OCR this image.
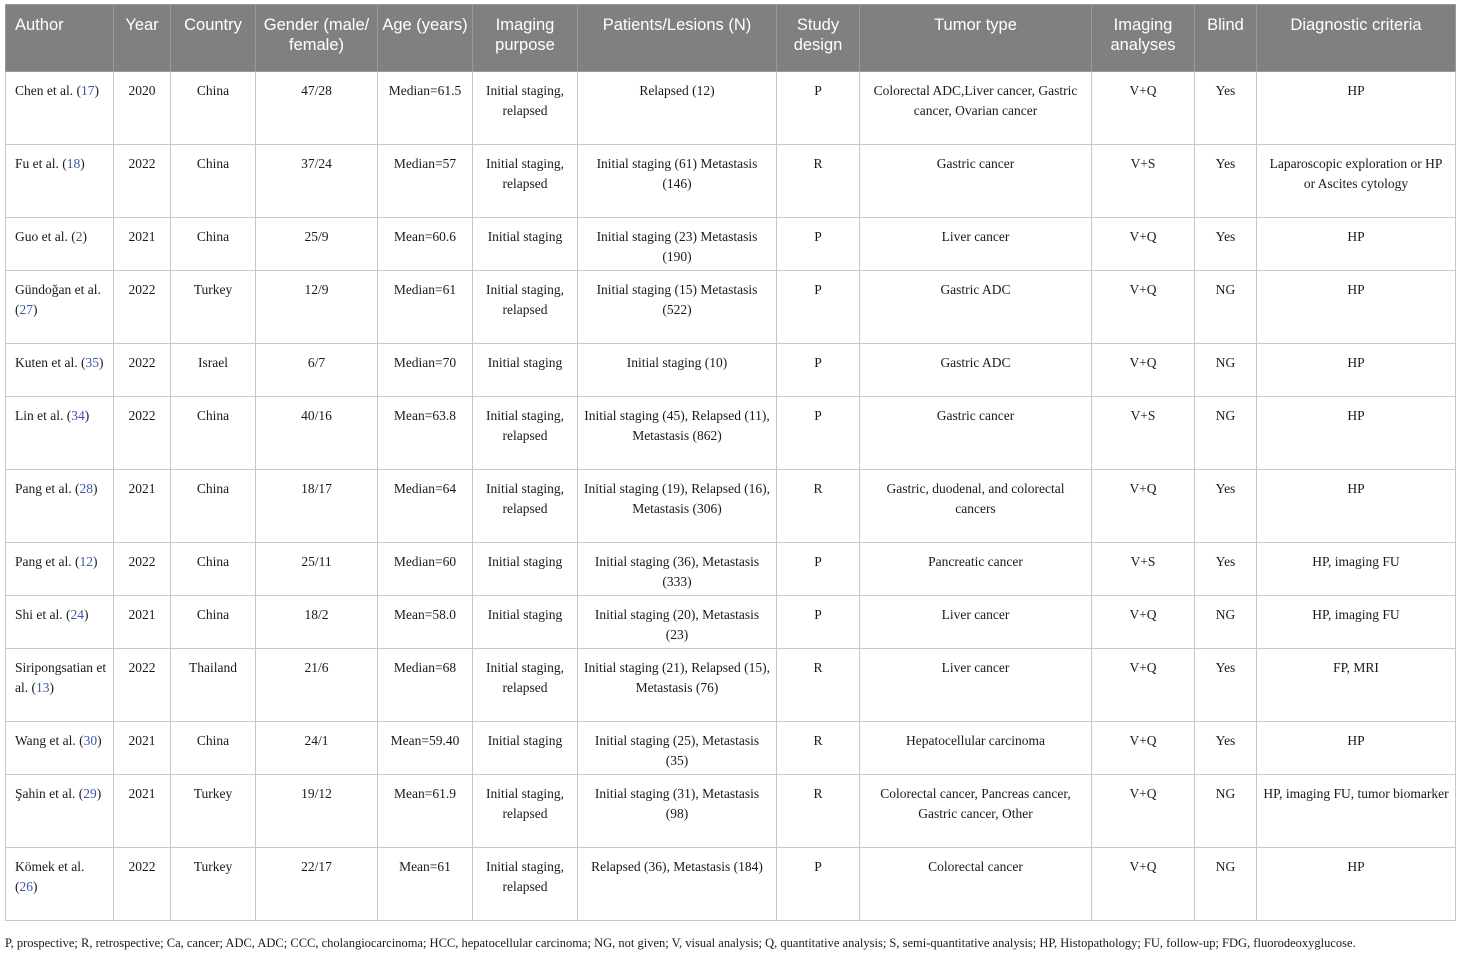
Author	Year	Country	Gender (male/ female)	Age (years)	Imaging purpose	Patients/Lesions (N)	Study design	Tumor type	Imaging analyses	Blind	Diagnostic criteria
Chen et al. (17)	2020	China	47/28	Median=61.5	Initial staging, relapsed	Relapsed (12)	P	Colorectal ADC,Liver cancer, Gastric cancer, Ovarian cancer	V+Q	Yes	HP
Fu et al. (18)	2022	China	37/24	Median=57	Initial staging, relapsed	Initial staging (61) Metastasis (146)	R	Gastric cancer	V+S	Yes	Laparoscopic exploration or HP or Ascites cytology
Guo et al. (2)	2021	China	25/9	Mean=60.6	Initial staging	Initial staging (23) Metastasis (190)	P	Liver cancer	V+Q	Yes	HP
Gündoğan et al. (27)	2022	Turkey	12/9	Median=61	Initial staging, relapsed	Initial staging (15) Metastasis (522)	P	Gastric ADC	V+Q	NG	HP
Kuten et al. (35)	2022	Israel	6/7	Median=70	Initial staging	Initial staging (10)	P	Gastric ADC	V+Q	NG	HP
Lin et al. (34)	2022	China	40/16	Mean=63.8	Initial staging, relapsed	Initial staging (45), Relapsed (11), Metastasis (862)	P	Gastric cancer	V+S	NG	HP
Pang et al. (28)	2021	China	18/17	Median=64	Initial staging, relapsed	Initial staging (19), Relapsed (16), Metastasis (306)	R	Gastric, duodenal, and colorectal cancers	V+Q	Yes	HP
Pang et al. (12)	2022	China	25/11	Median=60	Initial staging	Initial staging (36), Metastasis (333)	P	Pancreatic cancer	V+S	Yes	HP, imaging FU
Shi et al. (24)	2021	China	18/2	Mean=58.0	Initial staging	Initial staging (20), Metastasis (23)	P	Liver cancer	V+Q	NG	HP, imaging FU
Siripongsatian et al. (13)	2022	Thailand	21/6	Median=68	Initial staging, relapsed	Initial staging (21), Relapsed (15), Metastasis (76)	R	Liver cancer	V+Q	Yes	FP, MRI
Wang et al. (30)	2021	China	24/1	Mean=59.40	Initial staging	Initial staging (25), Metastasis (35)	R	Hepatocellular carcinoma	V+Q	Yes	HP
Şahin et al. (29)	2021	Turkey	19/12	Mean=61.9	Initial staging, relapsed	Initial staging (31), Metastasis (98)	R	Colorectal cancer, Pancreas cancer, Gastric cancer, Other	V+Q	NG	HP, imaging FU, tumor biomarker
Kömek et al. (26)	2022	Turkey	22/17	Mean=61	Initial staging, relapsed	Relapsed (36), Metastasis (184)	P	Colorectal cancer	V+Q	NG	HP
P, prospective; R, retrospective; Ca, cancer; ADC, ADC; CCC, cholangiocarcinoma; HCC, hepatocellular carcinoma; NG, not given; V, visual analysis; Q, quantitative analysis; S, semi-quantitative analysis; HP, Histopathology; FU, follow-up; FDG, fluorodeoxyglucose.
